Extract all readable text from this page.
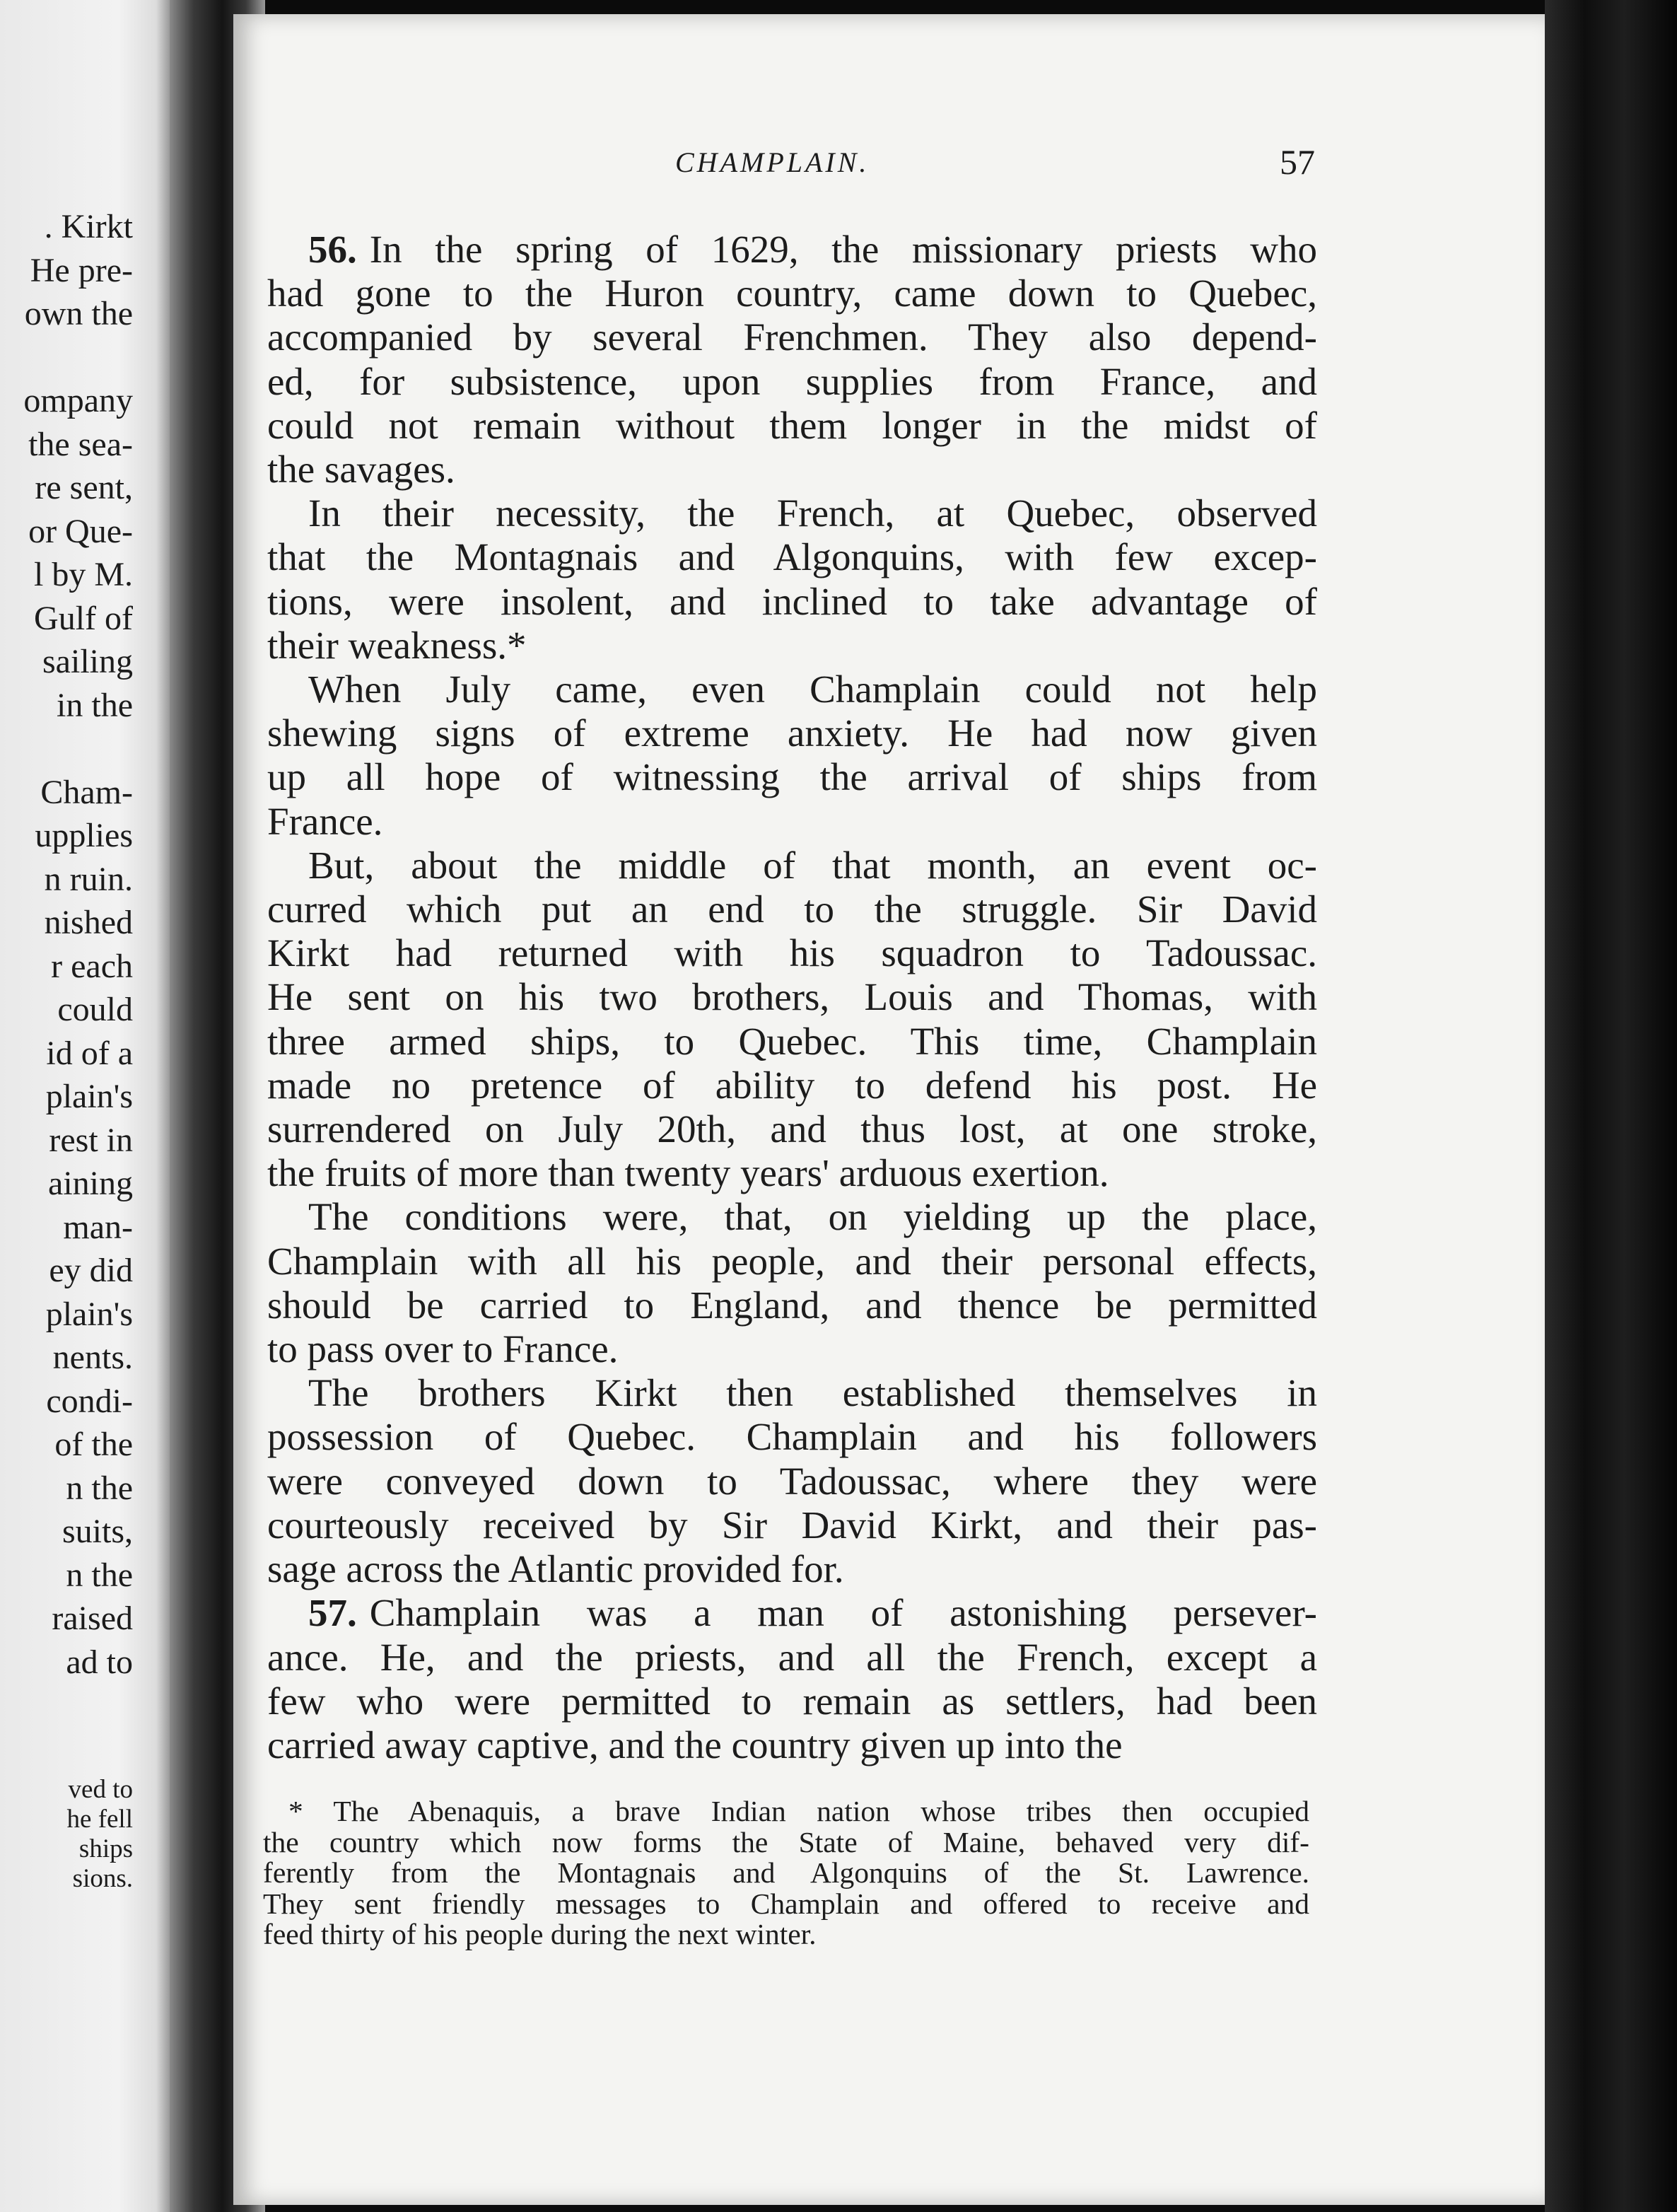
. Kirkt
He pre-
own the
ompany
the sea-
re sent,
or Que-
l by M.
Gulf of
sailing
in the
Cham-
upplies
n ruin.
nished
r each
could
id of a
plain's
rest in
aining
man-
ey did
plain's
nents.
condi-
of the
n the
suits,
n the
raised
ad to
ved to
he fell
ships
sions.
CHAMPLAIN.	57
56. In the spring of 1629, the missionary priests who
had gone to the Huron country, came down to Quebec,
accompanied by several Frenchmen. They also depend-
ed, for subsistence, upon supplies from France, and
could not remain without them longer in the midst of
the savages.
In their necessity, the French, at Quebec, observed
that the Montagnais and Algonquins, with few excep-
tions, were insolent, and inclined to take advantage of
their weakness.*
When July came, even Champlain could not help
shewing signs of extreme anxiety. He had now given
up all hope of witnessing the arrival of ships from
France.
But, about the middle of that month, an event oc-
curred which put an end to the struggle. Sir David
Kirkt had returned with his squadron to Tadoussac.
He sent on his two brothers, Louis and Thomas, with
three armed ships, to Quebec. This time, Champlain
made no pretence of ability to defend his post. He
surrendered on July 20th, and thus lost, at one stroke,
the fruits of more than twenty years' arduous exertion.
The conditions were, that, on yielding up the place,
Champlain with all his people, and their personal effects,
should be carried to England, and thence be permitted
to pass over to France.
The brothers Kirkt then established themselves in
possession of Quebec. Champlain and his followers
were conveyed down to Tadoussac, where they were
courteously received by Sir David Kirkt, and their pas-
sage across the Atlantic provided for.
57. Champlain was a man of astonishing persever-
ance. He, and the priests, and all the French, except a
few who were permitted to remain as settlers, had been
carried away captive, and the country given up into the
* The Abenaquis, a brave Indian nation whose tribes then occupied
the country which now forms the State of Maine, behaved very dif-
ferently from the Montagnais and Algonquins of the St. Lawrence.
They sent friendly messages to Champlain and offered to receive and
feed thirty of his people during the next winter.
